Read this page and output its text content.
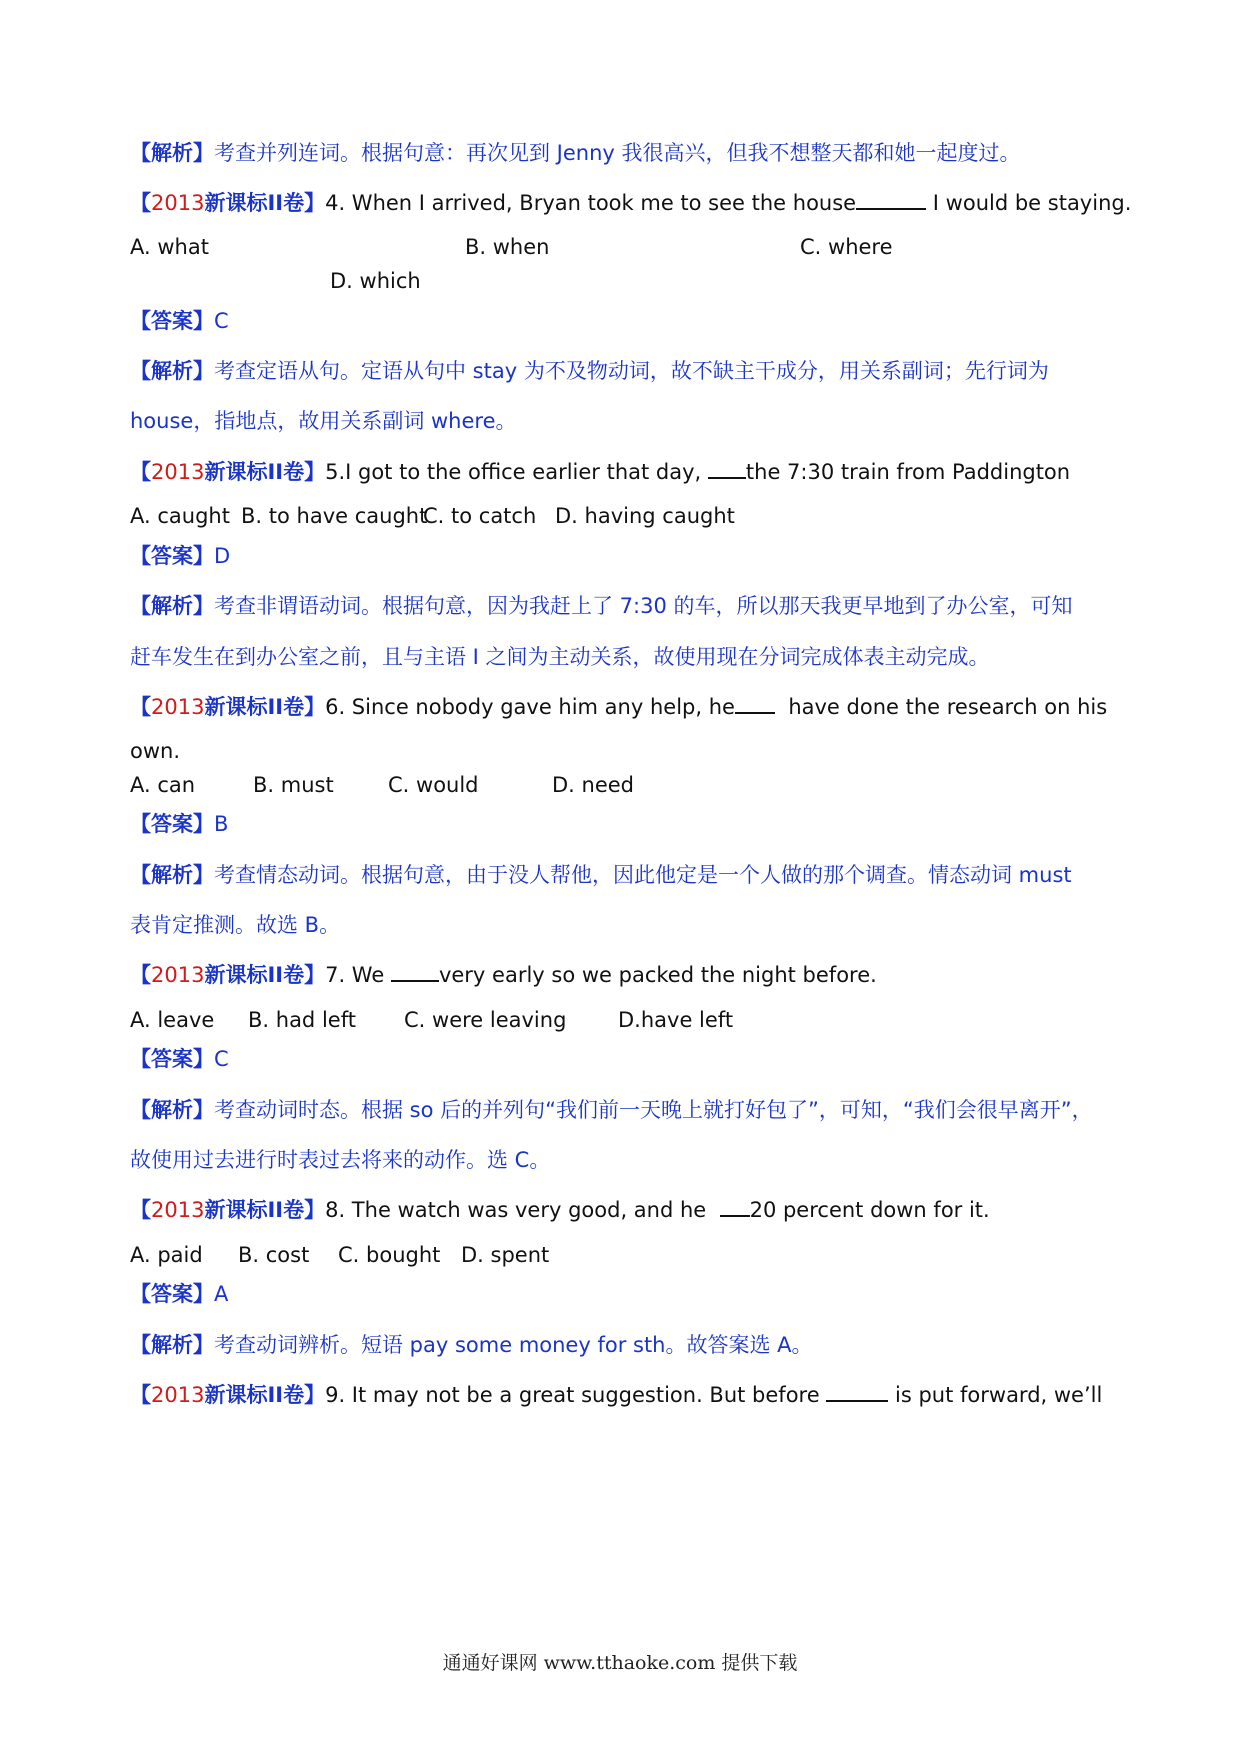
【解析】考查并列连词。根据句意：再次见到 Jenny 我很高兴，但我不想整天都和她一起度过。
【2013新课标II卷】4. When I arrived, Bryan took me to see the house	I would be staying.
A. what	B. when	C. where
D. which
【答案】C
【解析】考查定语从句。定语从句中 stay 为不及物动词，故不缺主干成分，用关系副词；先行词为
house，指地点，故用关系副词 where。
【2013新课标II卷】5.I got to the office earlier that day, the 7:30 train from Paddington
A. caught B. to have caught
C. to catch D. having caught
【答案】D
【解析】考查非谓语动词。根据句意，因为我赶上了 7:30 的车，所以那天我更早地到了办公室，可知
赶车发生在到办公室之前，且与主语 I 之间为主动关系，故使用现在分词完成体表主动完成。
【2013新课标II卷】6. Since nobody gave him any help, he	have done the research on his
own.
A. can	B. must	C. would	D. need
【答案】B
【解析】考查情态动词。根据句意，由于没人帮他，因此他定是一个人做的那个调查。情态动词 must
表肯定推测。故选 B。
【2013新课标II卷】7. We	very early so we packed the night before.
A. leave B. had left C. were leaving D.have left
【答案】C
【解析】考查动词时态。根据 so 后的并列句“我们前一天晚上就打好包了”，可知，“我们会很早离开”，
故使用过去进行时表过去将来的动作。选 C。
【2013新课标II卷】8. The watch was very good, and he 20 percent down for it.
A. paid B. cost C. bought D. spent
【答案】A
【解析】考查动词辨析。短语 pay some money for sth。故答案选 A。
【2013新课标II卷】9. It may not be a great suggestion. But before	is put forward, we’ll
通通好课网 www.tthaoke.com 提供下载
